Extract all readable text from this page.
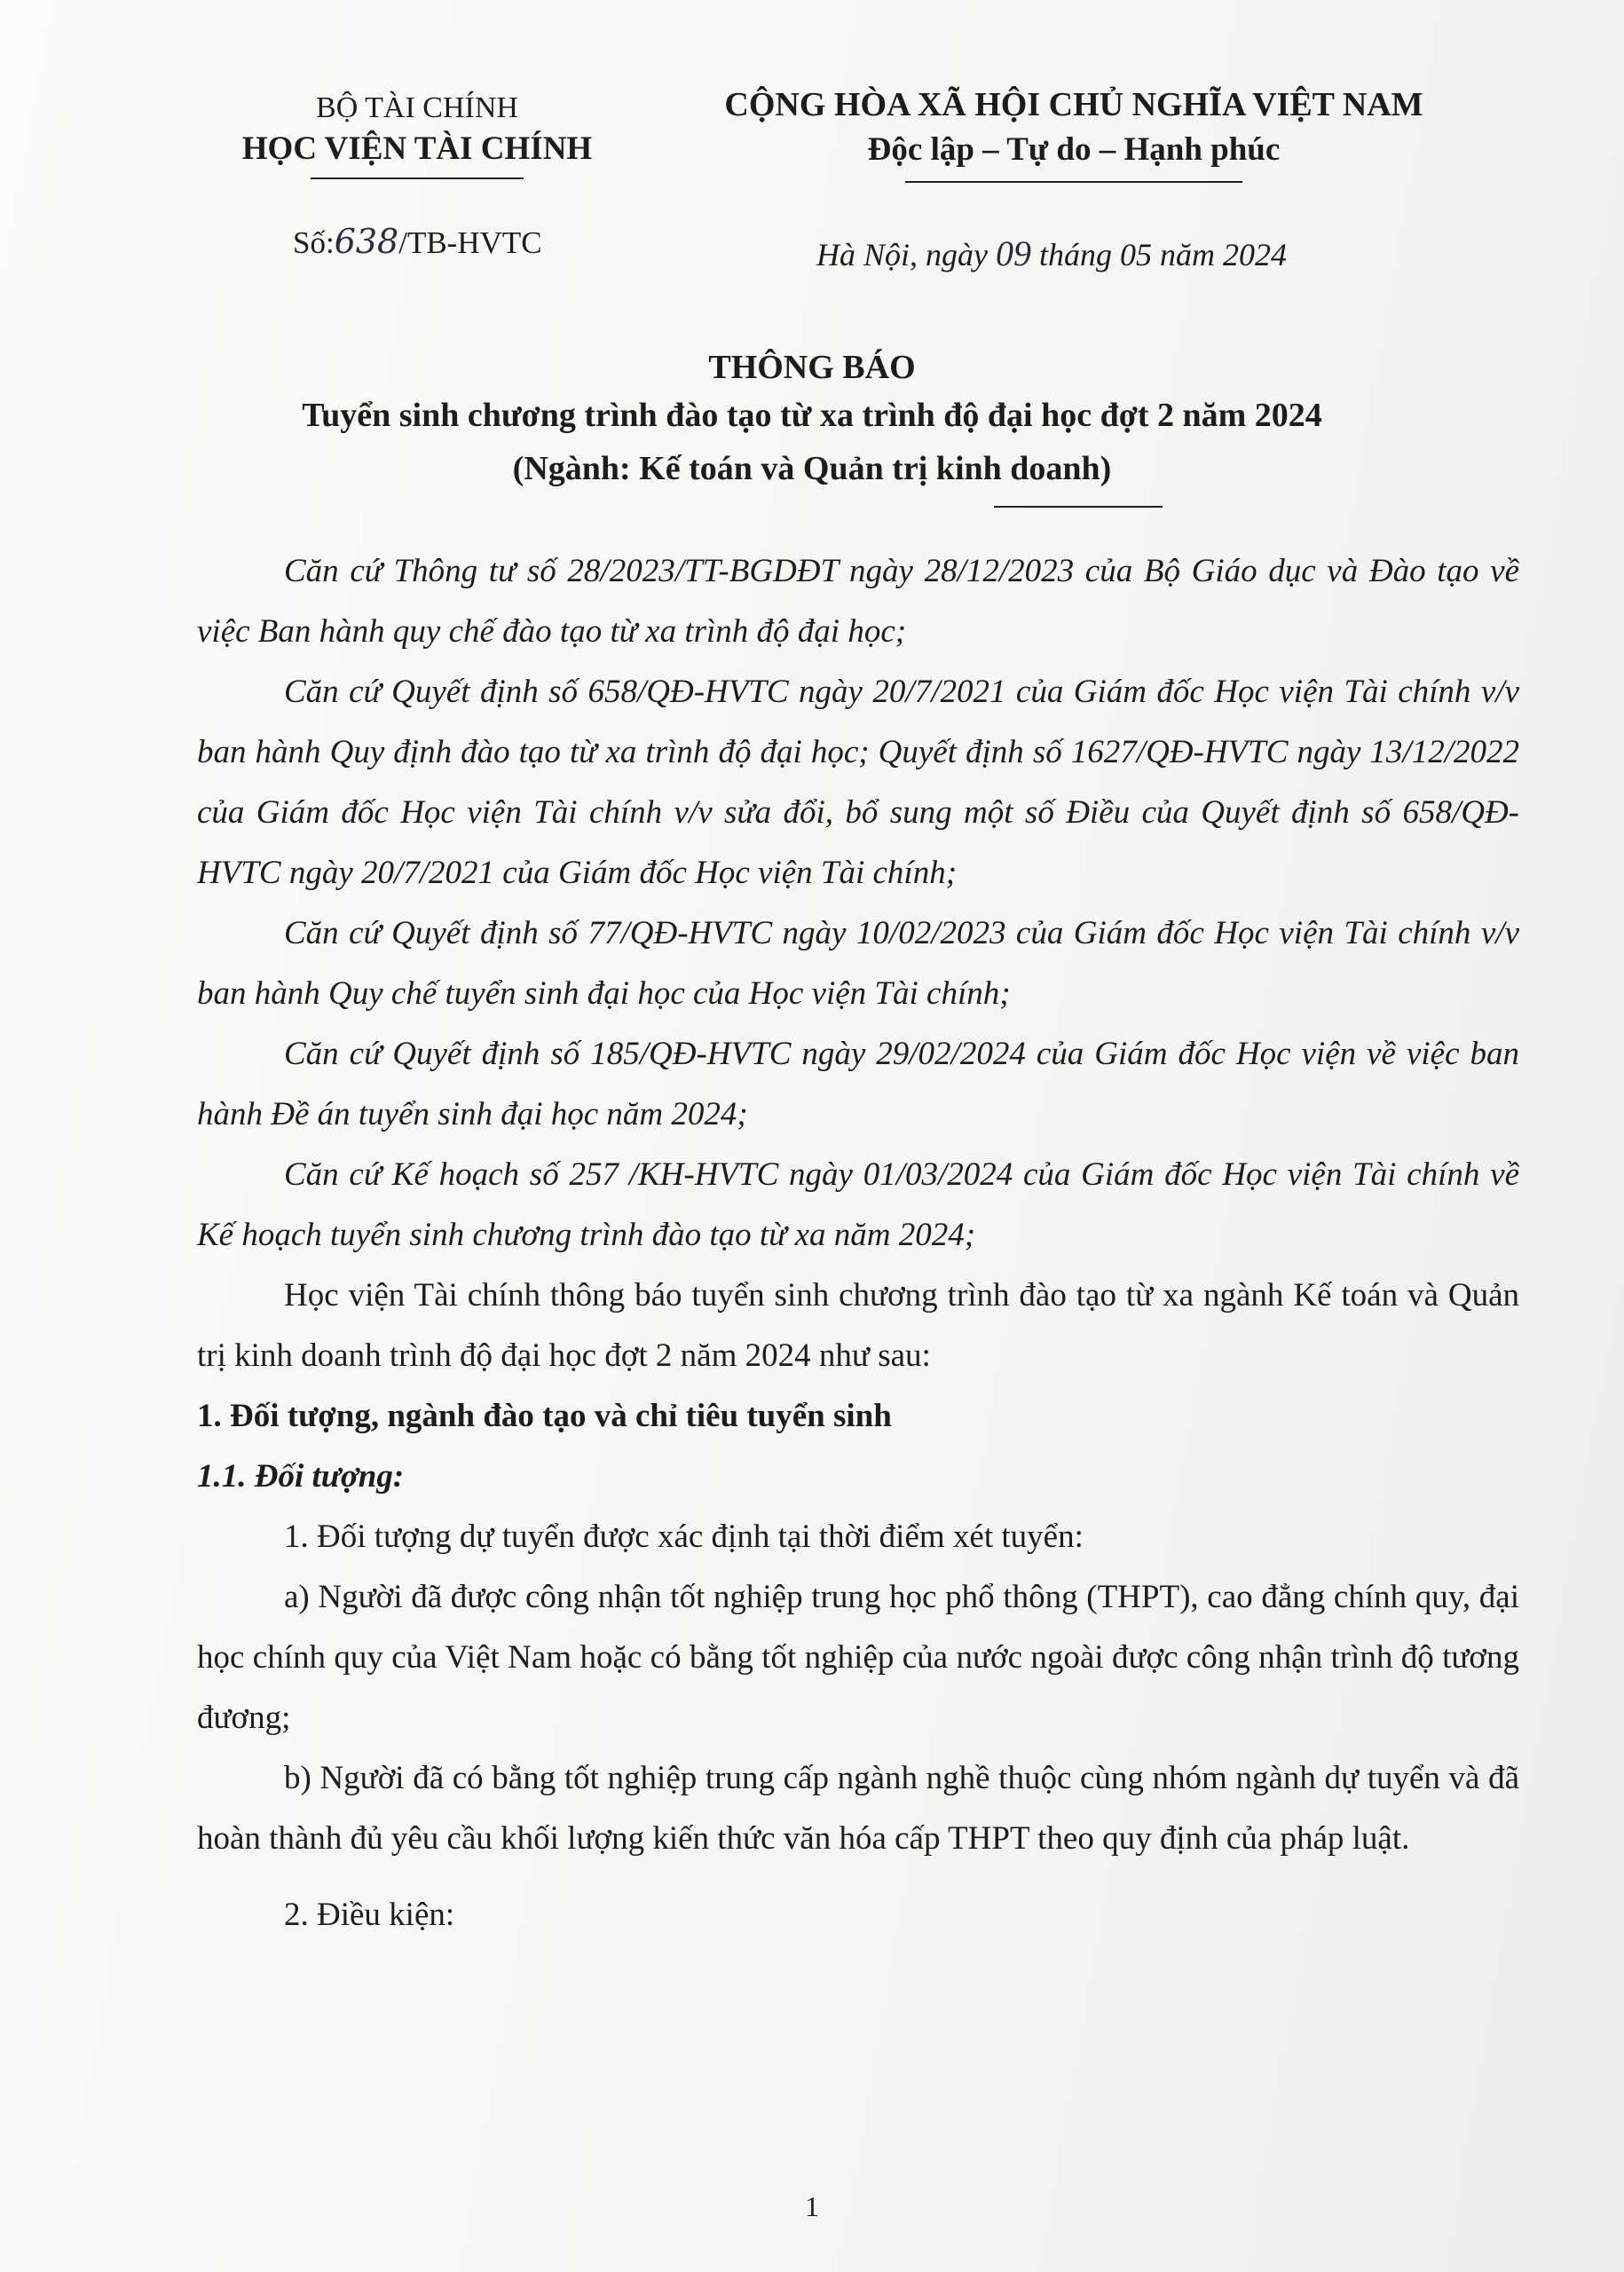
BỘ TÀI CHÍNH
HỌC VIỆN TÀI CHÍNH
CỘNG HÒA XÃ HỘI CHỦ NGHĨA VIỆT NAM
Độc lập – Tự do – Hạnh phúc
Số:638/TB-HVTC	Hà Nội, ngày 09 tháng 05 năm 2024
THÔNG BÁO
Tuyển sinh chương trình đào tạo từ xa trình độ đại học đợt 2 năm 2024
(Ngành: Kế toán và Quản trị kinh doanh)

Căn cứ Thông tư số 28/2023/TT-BGDĐT ngày 28/12/2023 của Bộ Giáo dục và Đào tạo về việc Ban hành quy chế đào tạo từ xa trình độ đại học;

Căn cứ Quyết định số 658/QĐ-HVTC ngày 20/7/2021 của Giám đốc Học viện Tài chính v/v ban hành Quy định đào tạo từ xa trình độ đại học; Quyết định số 1627/QĐ-HVTC ngày 13/12/2022 của Giám đốc Học viện Tài chính v/v sửa đổi, bổ sung một số Điều của Quyết định số 658/QĐ-HVTC ngày 20/7/2021 của Giám đốc Học viện Tài chính;

Căn cứ Quyết định số 77/QĐ-HVTC ngày 10/02/2023 của Giám đốc Học viện Tài chính v/v ban hành Quy chế tuyển sinh đại học của Học viện Tài chính;

Căn cứ Quyết định số 185/QĐ-HVTC ngày 29/02/2024 của Giám đốc Học viện về việc ban hành Đề án tuyển sinh đại học năm 2024;

Căn cứ Kế hoạch số 257 /KH-HVTC ngày 01/03/2024 của Giám đốc Học viện Tài chính về Kế hoạch tuyển sinh chương trình đào tạo từ xa năm 2024;

Học viện Tài chính thông báo tuyển sinh chương trình đào tạo từ xa ngành Kế toán và Quản trị kinh doanh trình độ đại học đợt 2 năm 2024 như sau:

1. Đối tượng, ngành đào tạo và chỉ tiêu tuyển sinh

1.1. Đối tượng:

1. Đối tượng dự tuyển được xác định tại thời điểm xét tuyển:

a) Người đã được công nhận tốt nghiệp trung học phổ thông (THPT), cao đẳng chính quy, đại học chính quy của Việt Nam hoặc có bằng tốt nghiệp của nước ngoài được công nhận trình độ tương đương;

b) Người đã có bằng tốt nghiệp trung cấp ngành nghề thuộc cùng nhóm ngành dự tuyển và đã hoàn thành đủ yêu cầu khối lượng kiến thức văn hóa cấp THPT theo quy định của pháp luật.

2. Điều kiện:

1
